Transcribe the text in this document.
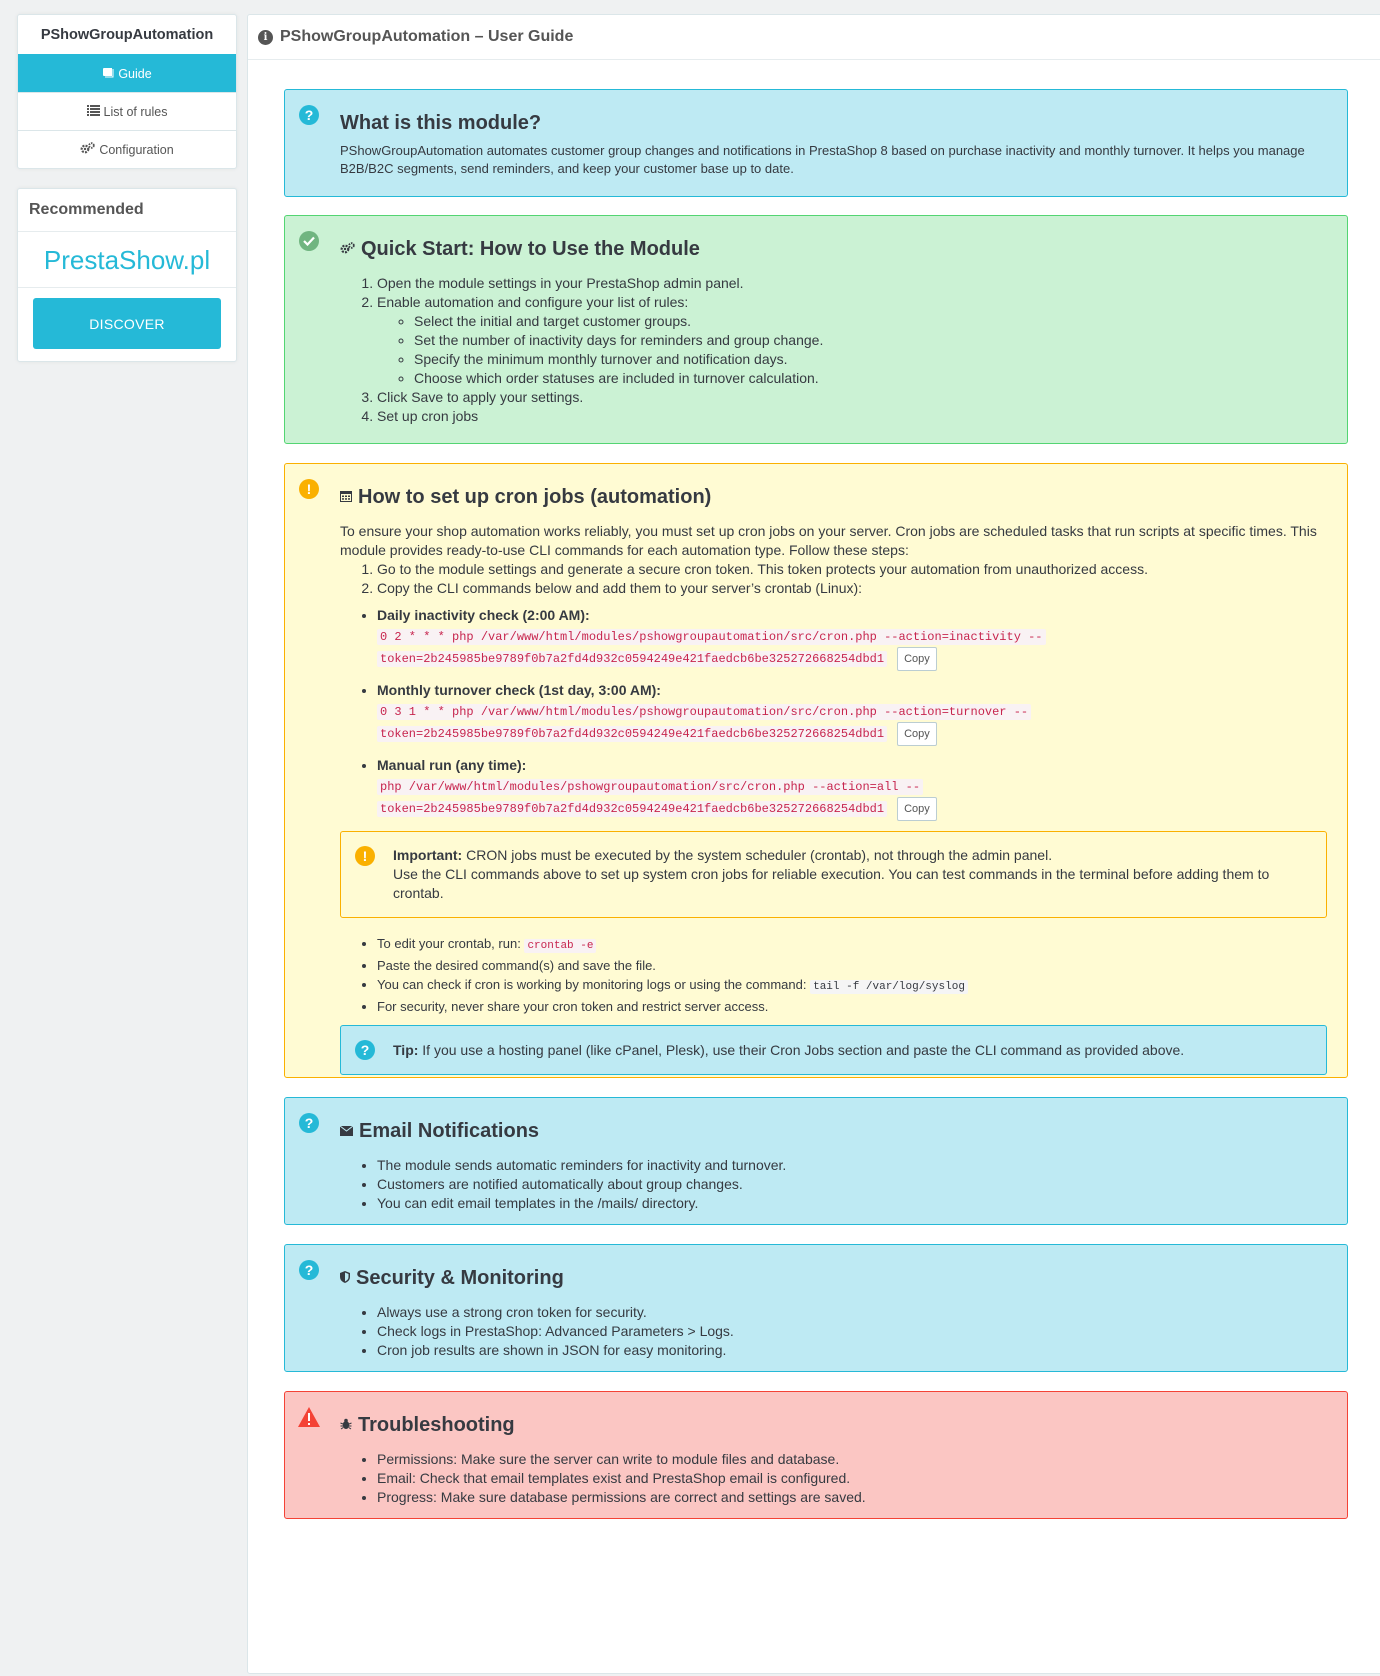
PShowGroupAutomation
Guide
List of rules
Configuration
Recommended
PrestaShow.pl
DISCOVER
i PShowGroupAutomation – User Guide
? What is this module?
PShowGroupAutomation automates customer group changes and notifications in PrestaShop 8 based on purchase inactivity and monthly turnover. It helps you manage B2B/B2C segments, send reminders, and keep your customer base up to date.
Quick Start: How to Use the Module
1. Open the module settings in your PrestaShop admin panel.
2. Enable automation and configure your list of rules:
◦ Select the initial and target customer groups.
◦ Set the number of inactivity days for reminders and group change.
◦ Specify the minimum monthly turnover and notification days.
◦ Choose which order statuses are included in turnover calculation.
3. Click Save to apply your settings.
4. Set up cron jobs
!	How to set up cron jobs (automation)
To ensure your shop automation works reliably, you must set up cron jobs on your server. Cron jobs are scheduled tasks that run scripts at specific times. This module provides ready-to-use CLI commands for each automation type. Follow these steps:
1. Go to the module settings and generate a secure cron token. This token protects your automation from unauthorized access.
2. Copy the CLI commands below and add them to your server’s crontab (Linux):
• Daily inactivity check (2:00 AM):
0 2 * * * php /var/www/html/modules/pshowgroupautomation/src/cron.php --action=inactivity --
token=2b245985be9789f0b7a2fd4d932c0594249e421faedcb6be325272668254dbd1 Copy
• Monthly turnover check (1st day, 3:00 AM):
0 3 1 * * php /var/www/html/modules/pshowgroupautomation/src/cron.php --action=turnover --
token=2b245985be9789f0b7a2fd4d932c0594249e421faedcb6be325272668254dbd1 Copy
• Manual run (any time):
php /var/www/html/modules/pshowgroupautomation/src/cron.php --action=all --
token=2b245985be9789f0b7a2fd4d932c0594249e421faedcb6be325272668254dbd1 Copy
!	Important: CRON jobs must be executed by the system scheduler (crontab), not through the admin panel.
Use the CLI commands above to set up system cron jobs for reliable execution. You can test commands in the terminal before adding them to crontab.
• To edit your crontab, run: crontab -e
• Paste the desired command(s) and save the file.
• You can check if cron is working by monitoring logs or using the command: tail -f /var/log/syslog
• For security, never share your cron token and restrict server access.
?	Tip: If you use a hosting panel (like cPanel, Plesk), use their Cron Jobs section and paste the CLI command as provided above.
? Email Notifications
• The module sends automatic reminders for inactivity and turnover.
• Customers are notified automatically about group changes.
• You can edit email templates in the /mails/ directory.
? Security & Monitoring
• Always use a strong cron token for security.
• Check logs in PrestaShop: Advanced Parameters > Logs.
• Cron job results are shown in JSON for easy monitoring.
Troubleshooting
• Permissions: Make sure the server can write to module files and database.
• Email: Check that email templates exist and PrestaShop email is configured.
• Progress: Make sure database permissions are correct and settings are saved.
